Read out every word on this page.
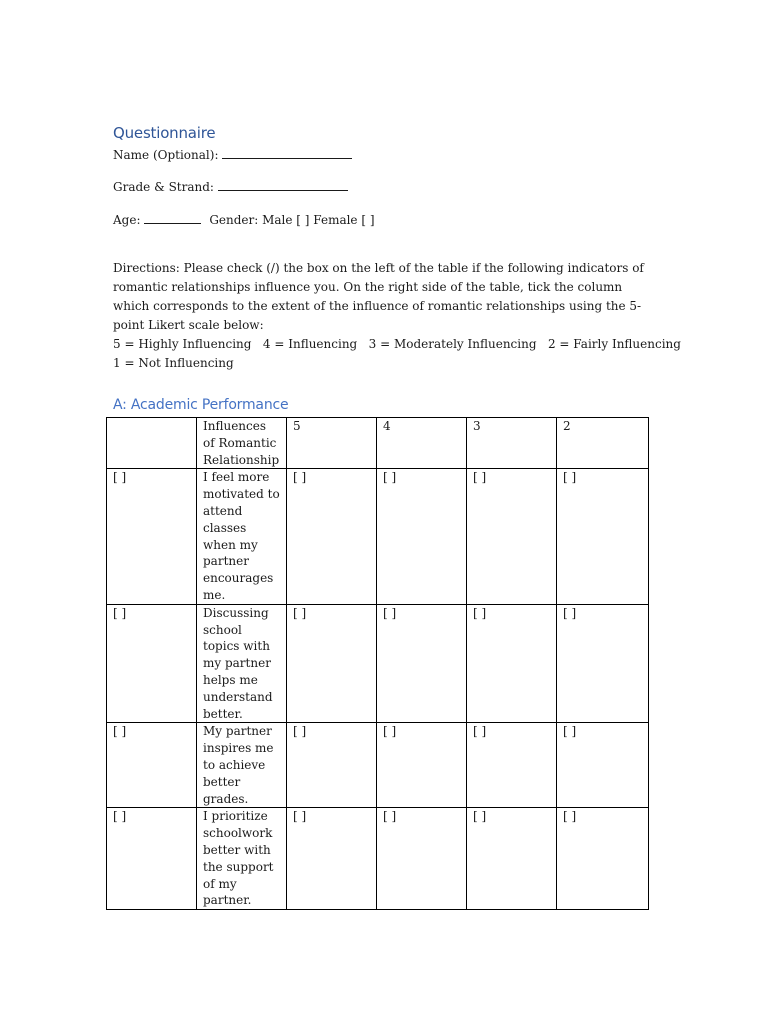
Questionnaire

Name (Optional):

Grade & Strand:

Age:	Gender: Male [ ] Female [ ]

Directions: Please check (/) the box on the left of the table if the following indicators of romantic relationships influence you. On the right side of the table, tick the column which corresponds to the extent of the influence of romantic relationships using the 5-point Likert scale below:

5 = Highly Influencing   4 = Influencing   3 = Moderately Influencing   2 = Fairly Influencing

1 = Not Influencing

A: Academic Performance
	Influences of Romantic Relationship	5	4	3	2
[ ]	I feel more motivated to attend classes when my partner encourages me.	[ ]	[ ]	[ ]	[ ]
[ ]	Discussing school topics with my partner helps me understand better.	[ ]	[ ]	[ ]	[ ]
[ ]	My partner inspires me to achieve better grades.	[ ]	[ ]	[ ]	[ ]
[ ]	I prioritize schoolwork better with the support of my partner.	[ ]	[ ]	[ ]	[ ]
